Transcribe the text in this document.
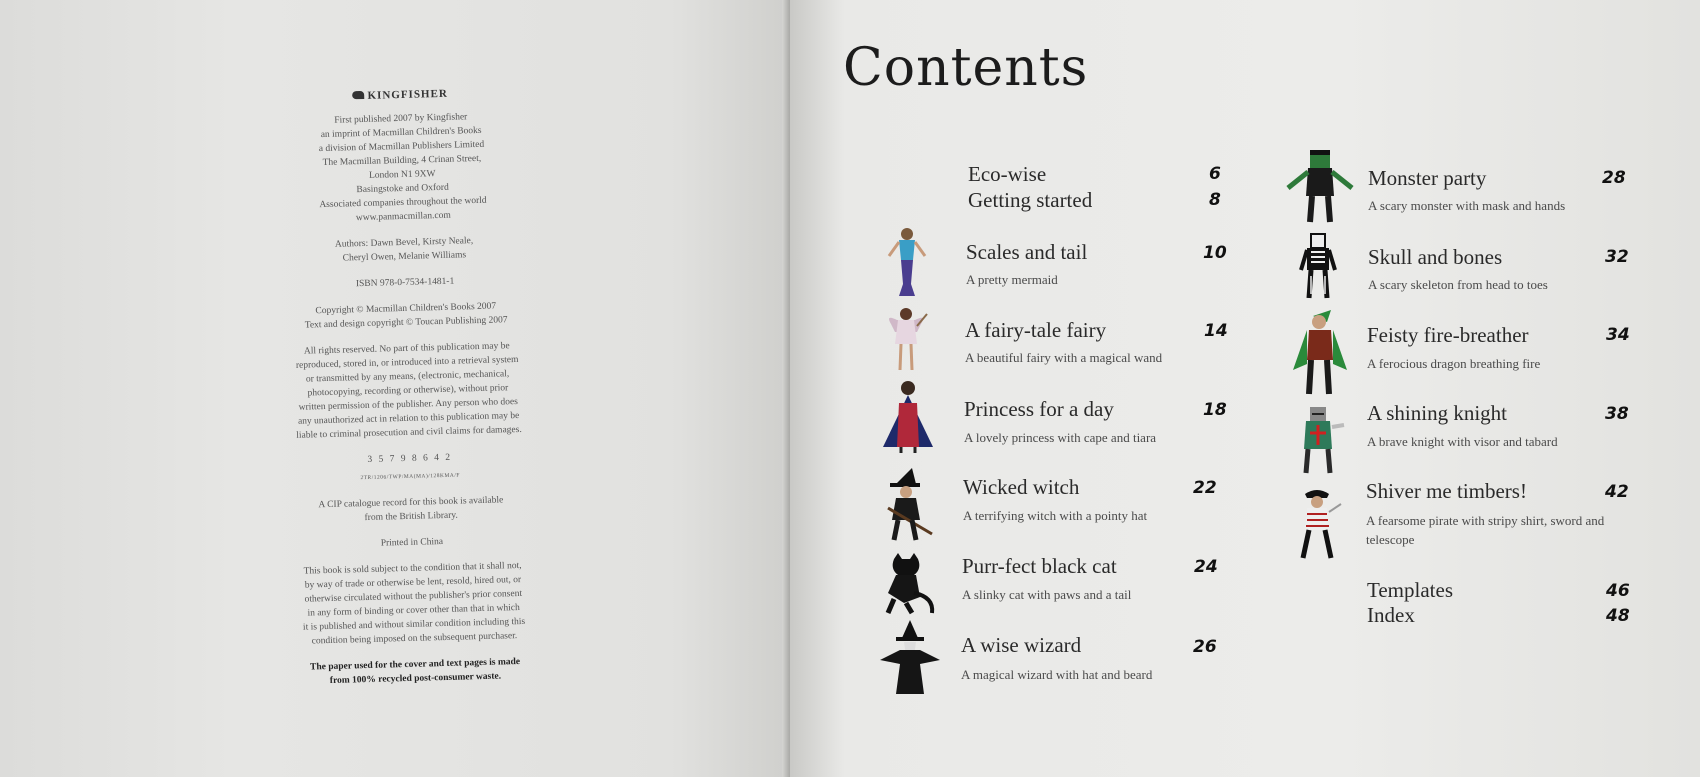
KINGFISHER

First published 2007 by Kingfisher
an imprint of Macmillan Children's Books
a division of Macmillan Publishers Limited
The Macmillan Building, 4 Crinan Street,
London N1 9XW
Basingstoke and Oxford
Associated companies throughout the world
www.panmacmillan.com

Authors: Dawn Bevel, Kirsty Neale,
Cheryl Owen, Melanie Williams

ISBN 978-0-7534-1481-1

Copyright © Macmillan Children's Books 2007
Text and design copyright © Toucan Publishing 2007

All rights reserved. No part of this publication may be
reproduced, stored in, or introduced into a retrieval system
or transmitted by any means, (electronic, mechanical,
photocopying, recording or otherwise), without prior
written permission of the publisher. Any person who does
any unauthorized act in relation to this publication may be
liable to criminal prosecution and civil claims for damages.

3 5 7 9 8 6 4 2

2TR/1206/TWP/MA(MA)/128KMA/F

A CIP catalogue record for this book is available
from the British Library.

Printed in China

This book is sold subject to the condition that it shall not,
by way of trade or otherwise be lent, resold, hired out, or
otherwise circulated without the publisher's prior consent
in any form of binding or cover other than that in which
it is published and without similar condition including this
condition being imposed on the subsequent purchaser.

The paper used for the cover and text pages is made
from 100% recycled post-consumer waste.

Contents
Eco-wise	6
Getting started	8
Scales and tail	10
A pretty mermaid
A fairy-tale fairy	14
A beautiful fairy with a magical wand
Princess for a day	18
A lovely princess with cape and tiara
Wicked witch	22
A terrifying witch with a pointy hat
Purr-fect black cat	24
A slinky cat with paws and a tail
A wise wizard	26
A magical wizard with hat and beard
Monster party	28
A scary monster with mask and hands
Skull and bones	32
A scary skeleton from head to toes
Feisty fire-breather	34
A ferocious dragon breathing fire
A shining knight	38
A brave knight with visor and tabard
Shiver me timbers!	42
A fearsome pirate with stripy shirt, sword and telescope
Templates	46
Index	48
